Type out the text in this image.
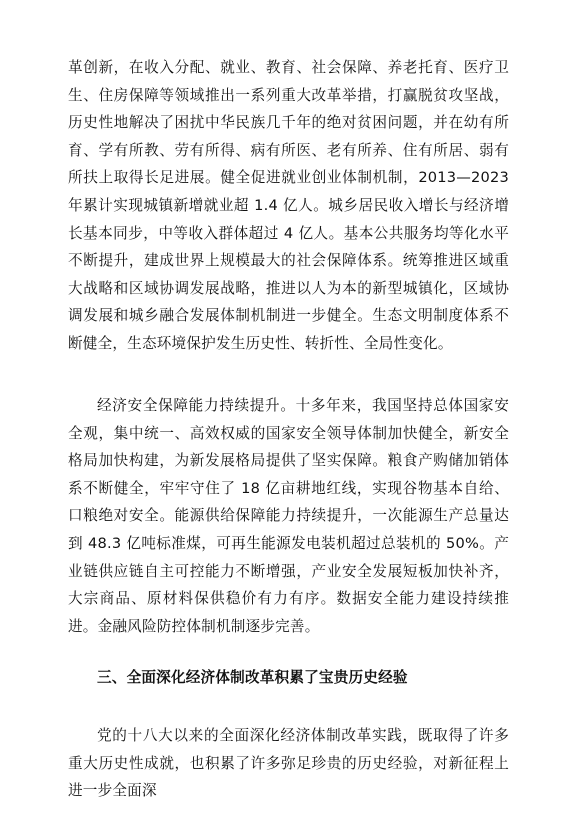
革创新，在收入分配、就业、教育、社会保障、养老托育、医疗卫生、住房保障等领域推出一系列重大改革举措，打赢脱贫攻坚战，历史性地解决了困扰中华民族几千年的绝对贫困问题，并在幼有所育、学有所教、劳有所得、病有所医、老有所养、住有所居、弱有所扶上取得长足进展。健全促进就业创业体制机制，2013—2023 年累计实现城镇新增就业超 1.4 亿人。城乡居民收入增长与经济增长基本同步，中等收入群体超过 4 亿人。基本公共服务均等化水平不断提升，建成世界上规模最大的社会保障体系。统筹推进区域重大战略和区域协调发展战略，推进以人为本的新型城镇化，区域协调发展和城乡融合发展体制机制进一步健全。生态文明制度体系不断健全，生态环境保护发生历史性、转折性、全局性变化。

经济安全保障能力持续提升。十多年来，我国坚持总体国家安全观，集中统一、高效权威的国家安全领导体制加快健全，新安全格局加快构建，为新发展格局提供了坚实保障。粮食产购储加销体系不断健全，牢牢守住了 18 亿亩耕地红线，实现谷物基本自给、口粮绝对安全。能源供给保障能力持续提升，一次能源生产总量达到 48.3 亿吨标准煤，可再生能源发电装机超过总装机的 50%。产业链供应链自主可控能力不断增强，产业安全发展短板加快补齐，大宗商品、原材料保供稳价有力有序。数据安全能力建设持续推进。金融风险防控体制机制逐步完善。

三、全面深化经济体制改革积累了宝贵历史经验

党的十八大以来的全面深化经济体制改革实践，既取得了许多重大历史性成就，也积累了许多弥足珍贵的历史经验，对新征程上进一步全面深
